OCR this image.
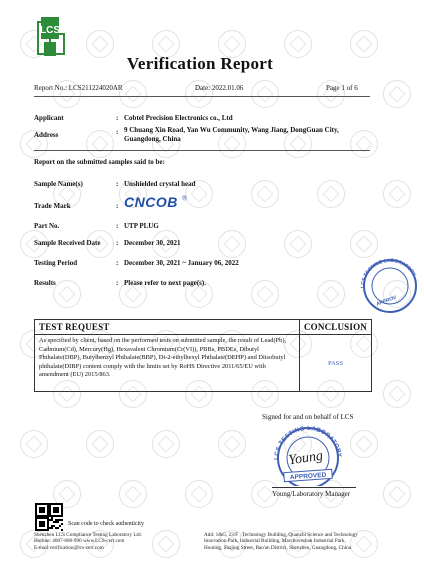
LCS
Verification Report
Report No.: LCS211224020AR	Date: 2022.01.06	Page 1 of 6
Applicant	: Cobtel Precision Electronics co., Ltd
Address	: 9 Chuang Xin Road, Yan Wu Community, Wang Jiang, DongGuan City, Guangdong, China
Report on the submitted samples said to be:
Sample Name(s)	: Unshielded crystal head
Trade Mark	: CNCOB ®
Part No.	: UTP PLUG
Sample Received Date : December 30, 2021
Testing Period	: December 30, 2021 ~ January 06, 2022
Results	: Please refer to next page(s).	LCS TESTING LABORATORY
APPROV
TEST REQUEST	CONCLUSION
As specified by client, based on the performed tests on submitted sample, the result of Lead(Pb), Cadmium(Cd), Mercury(Hg), Hexavalent Chromium(Cr(VI)), PBBs, PBDEs, Dibutyl Phthalate(DBP), Butylbenzyl Phthalate(BBP), Di-2-ethylhexyl Phthalate(DEHP) and Diisobutyl phthalate(DIBP) content comply with the limits set by RoHS Directive 2011/65/EU with amendment (EU) 2015/863.	PASS
Signed for and on behalf of LCS
LCS TESTING LABORATORY
APPROVED
Young
Young/Laboratory Manager
Scan code to check authenticity
Shenzhen LCS Compliance Testing Laboratory Ltd.
Hotline: 4007-686-996 www.LCS-cert.com
E-mail:verification@lcs-cert.com
Add: 1&G, 23/F , Technology Building, Quanzhi Science and Technology
Innovation Park, Industrial Building, Marchovesban Industrial Park,
Houting, Shajing Street, Bao'an District, Shenzhen, Guangdong, China
